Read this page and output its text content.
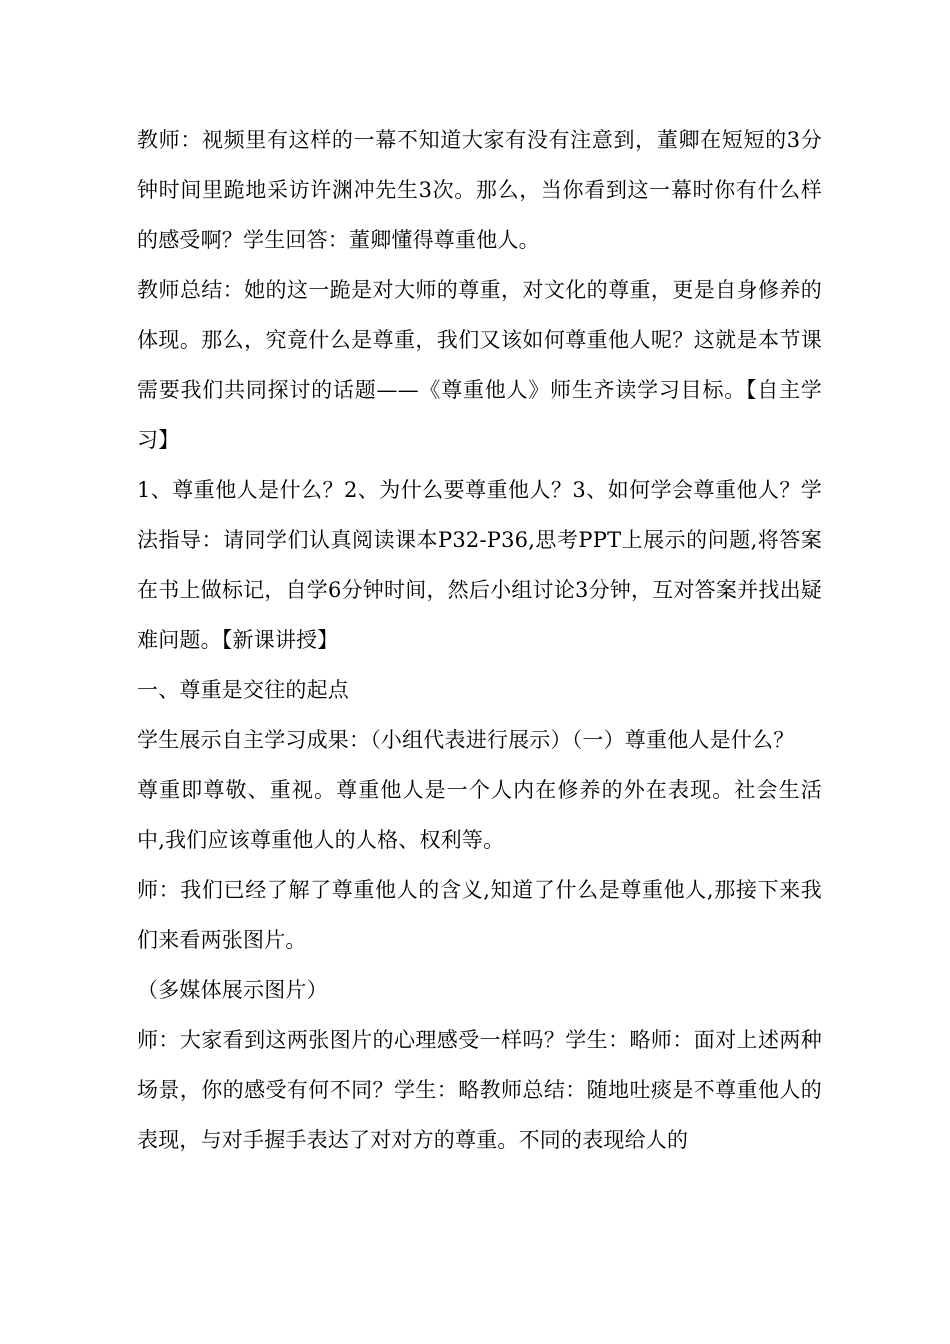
教师：视频里有这样的一幕不知道大家有没有注意到，董卿在短短的3分钟时间里跪地采访许渊冲先生3次。那么，当你看到这一幕时你有什么样的感受啊？学生回答：董卿懂得尊重他人。

教师总结：她的这一跪是对大师的尊重，对文化的尊重，更是自身修养的体现。那么，究竟什么是尊重，我们又该如何尊重他人呢？这就是本节课需要我们共同探讨的话题——《尊重他人》师生齐读学习目标。【自主学习】

1、尊重他人是什么？2、为什么要尊重他人？3、如何学会尊重他人？学法指导：请同学们认真阅读课本P32-P36,思考PPT上展示的问题,将答案在书上做标记，自学6分钟时间，然后小组讨论3分钟，互对答案并找出疑难问题。【新课讲授】

一、尊重是交往的起点

学生展示自主学习成果：（小组代表进行展示）（一）尊重他人是什么？

尊重即尊敬、重视。尊重他人是一个人内在修养的外在表现。社会生活中,我们应该尊重他人的人格、权利等。

师：我们已经了解了尊重他人的含义,知道了什么是尊重他人,那接下来我们来看两张图片。

（多媒体展示图片）

师：大家看到这两张图片的心理感受一样吗？学生：略师：面对上述两种场景，你的感受有何不同？学生：略教师总结：随地吐痰是不尊重他人的表现，与对手握手表达了对对方的尊重。不同的表现给人的
